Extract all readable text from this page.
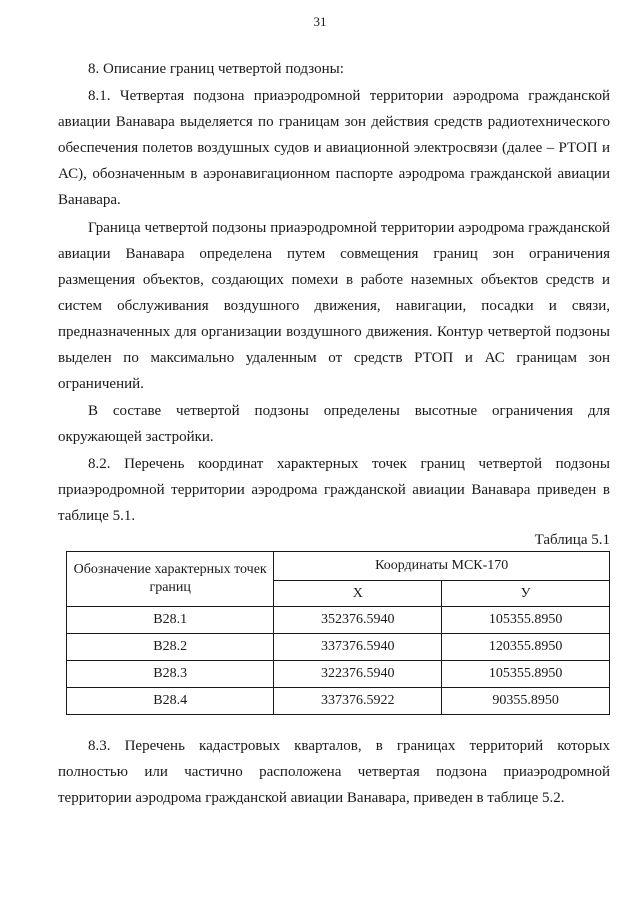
31

8. Описание границ четвертой подзоны:

8.1. Четвертая подзона приаэродромной территории аэродрома гражданской авиации Ванавара выделяется по границам зон действия средств радиотехнического обеспечения полетов воздушных судов и авиационной электросвязи (далее – РТОП и АС), обозначенным в аэронавигационном паспорте аэродрома гражданской авиации Ванавара.

Граница четвертой подзоны приаэродромной территории аэродрома гражданской авиации Ванавара определена путем совмещения границ зон ограничения размещения объектов, создающих помехи в работе наземных объектов средств и систем обслуживания воздушного движения, навигации, посадки и связи, предназначенных для организации воздушного движения. Контур четвертой подзоны выделен по максимально удаленным от средств РТОП и АС границам зон ограничений.

В составе четвертой подзоны определены высотные ограничения для окружающей застройки.

8.2. Перечень координат характерных точек границ четвертой подзоны приаэродромной территории аэродрома гражданской авиации Ванавара приведен в таблице 5.1.

Таблица 5.1
Обозначение характерных точек границ	Координаты МСК-170	
	Х	У
В28.1	352376.5940	105355.8950
В28.2	337376.5940	120355.8950
В28.3	322376.5940	105355.8950
В28.4	337376.5922	90355.8950

8.3. Перечень кадастровых кварталов, в границах территорий которых полностью или частично расположена четвертая подзона приаэродромной территории аэродрома гражданской авиации Ванавара, приведен в таблице 5.2.
